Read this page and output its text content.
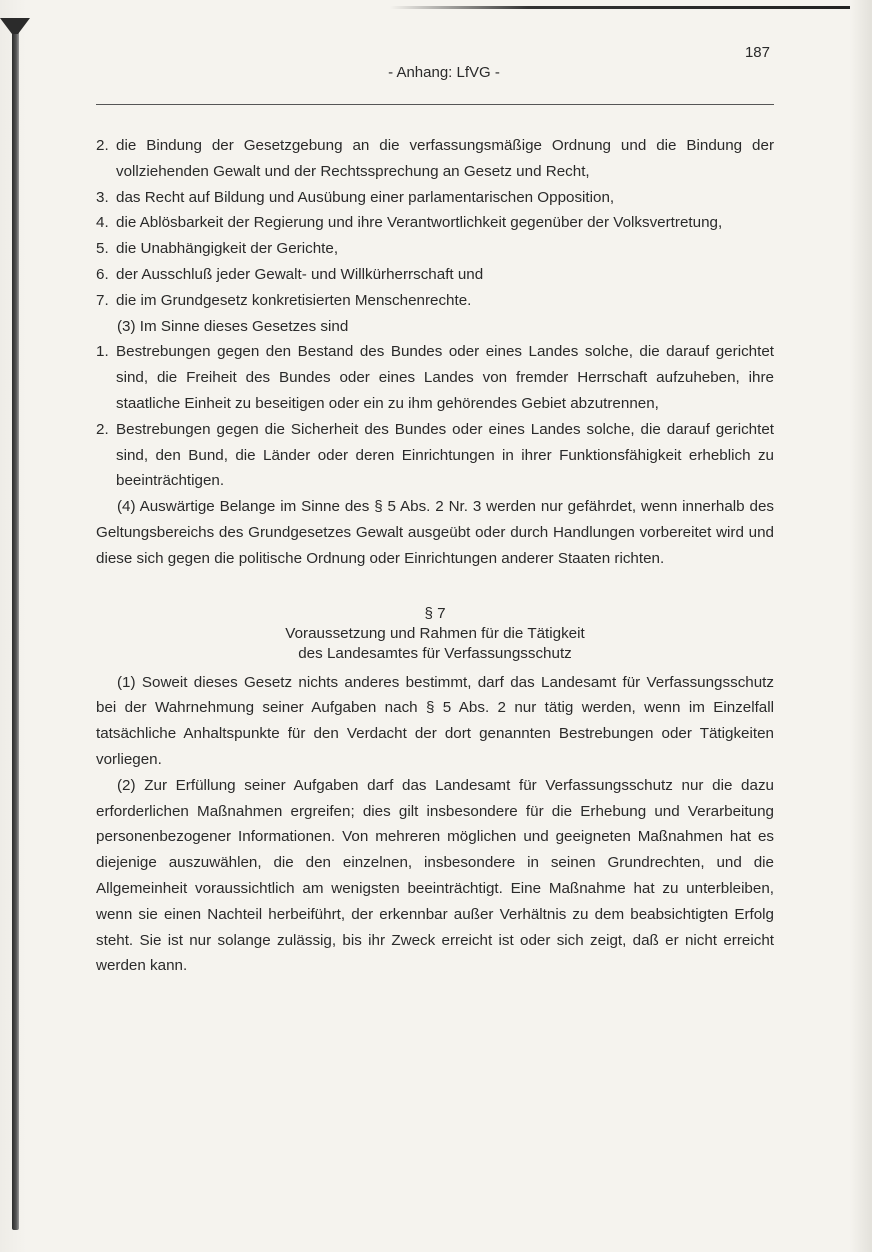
187
- Anhang: LfVG -
2. die Bindung der Gesetzgebung an die verfassungsmäßige Ordnung und die Bindung der vollziehenden Gewalt und der Rechtssprechung an Gesetz und Recht,
3. das Recht auf Bildung und Ausübung einer parlamentarischen Opposition,
4. die Ablösbarkeit der Regierung und ihre Verantwortlichkeit gegenüber der Volksvertretung,
5. die Unabhängigkeit der Gerichte,
6. der Ausschluß jeder Gewalt- und Willkürherrschaft und
7. die im Grundgesetz konkretisierten Menschenrechte.

(3) Im Sinne dieses Gesetzes sind

1. Bestrebungen gegen den Bestand des Bundes oder eines Landes solche, die darauf gerichtet sind, die Freiheit des Bundes oder eines Landes von fremder Herrschaft aufzuheben, ihre staatliche Einheit zu beseitigen oder ein zu ihm gehörendes Gebiet abzutrennen,
2. Bestrebungen gegen die Sicherheit des Bundes oder eines Landes solche, die darauf gerichtet sind, den Bund, die Länder oder deren Einrichtungen in ihrer Funktionsfähigkeit erheblich zu beeinträchtigen.

(4) Auswärtige Belange im Sinne des § 5 Abs. 2 Nr. 3 werden nur gefährdet, wenn innerhalb des Geltungsbereichs des Grundgesetzes Gewalt ausgeübt oder durch Handlungen vorbereitet wird und diese sich gegen die politische Ordnung oder Einrichtungen anderer Staaten richten.

§ 7
Voraussetzung und Rahmen für die Tätigkeit
des Landesamtes für Verfassungsschutz

(1) Soweit dieses Gesetz nichts anderes bestimmt, darf das Landesamt für Verfassungsschutz bei der Wahrnehmung seiner Aufgaben nach § 5 Abs. 2 nur tätig werden, wenn im Einzelfall tatsächliche Anhaltspunkte für den Verdacht der dort genannten Bestrebungen oder Tätigkeiten vorliegen.

(2) Zur Erfüllung seiner Aufgaben darf das Landesamt für Verfassungsschutz nur die dazu erforderlichen Maßnahmen ergreifen; dies gilt insbesondere für die Erhebung und Verarbeitung personenbezogener Informationen. Von mehreren möglichen und geeigneten Maßnahmen hat es diejenige auszuwählen, die den einzelnen, insbesondere in seinen Grundrechten, und die Allgemeinheit voraussichtlich am wenigsten beeinträchtigt. Eine Maßnahme hat zu unterbleiben, wenn sie einen Nachteil herbeiführt, der erkennbar außer Verhältnis zu dem beabsichtigten Erfolg steht. Sie ist nur solange zulässig, bis ihr Zweck erreicht ist oder sich zeigt, daß er nicht erreicht werden kann.
